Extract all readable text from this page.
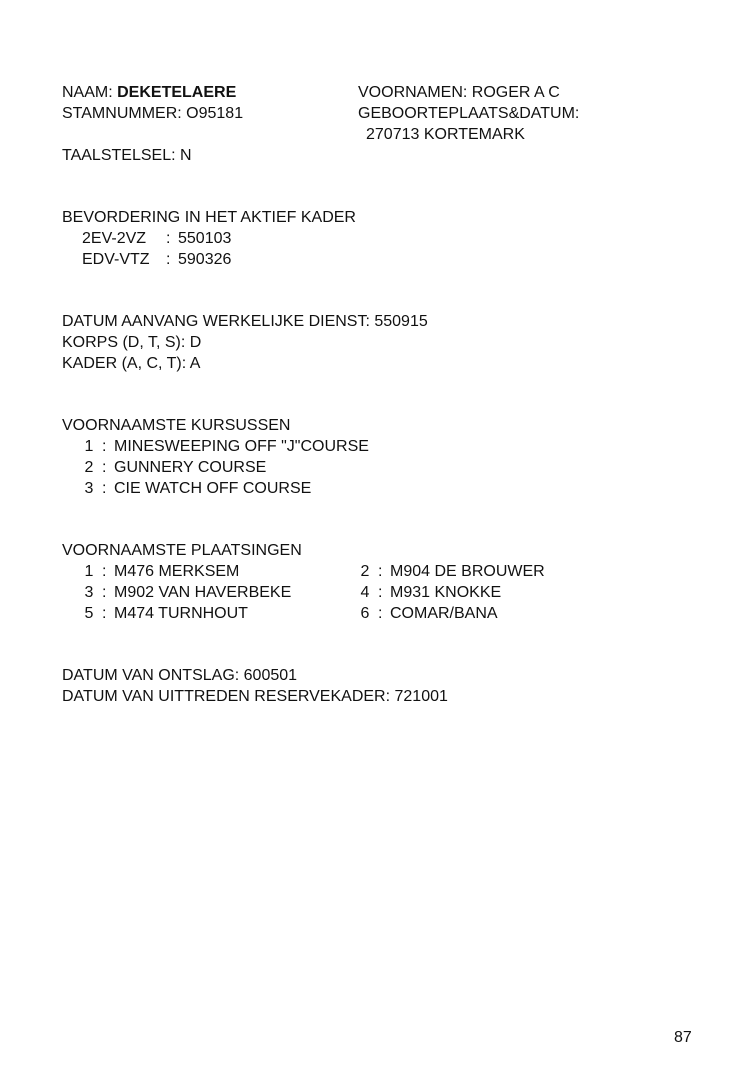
NAAM: DEKETELAERE	VOORNAMEN: ROGER A C
STAMNUMMER: O95181	GEBOORTEPLAATS&DATUM:
270713 KORTEMARK
TAALSTELSEL: N
BEVORDERING IN HET AKTIEF KADER
2EV-2VZ : 550103
EDV-VTZ : 590326
DATUM AANVANG WERKELIJKE DIENST: 550915
KORPS (D, T, S): D
KADER (A, C, T): A
VOORNAAMSTE KURSUSSEN
1 : MINESWEEPING OFF "J"COURSE
2 : GUNNERY COURSE
3 : CIE WATCH OFF COURSE
VOORNAAMSTE PLAATSINGEN
1 : M476 MERKSEM	2 : M904 DE BROUWER
3 : M902 VAN HAVERBEKE	4 : M931 KNOKKE
5 : M474 TURNHOUT	6 : COMAR/BANA
DATUM VAN ONTSLAG: 600501
DATUM VAN UITTREDEN RESERVEKADER: 721001
87
